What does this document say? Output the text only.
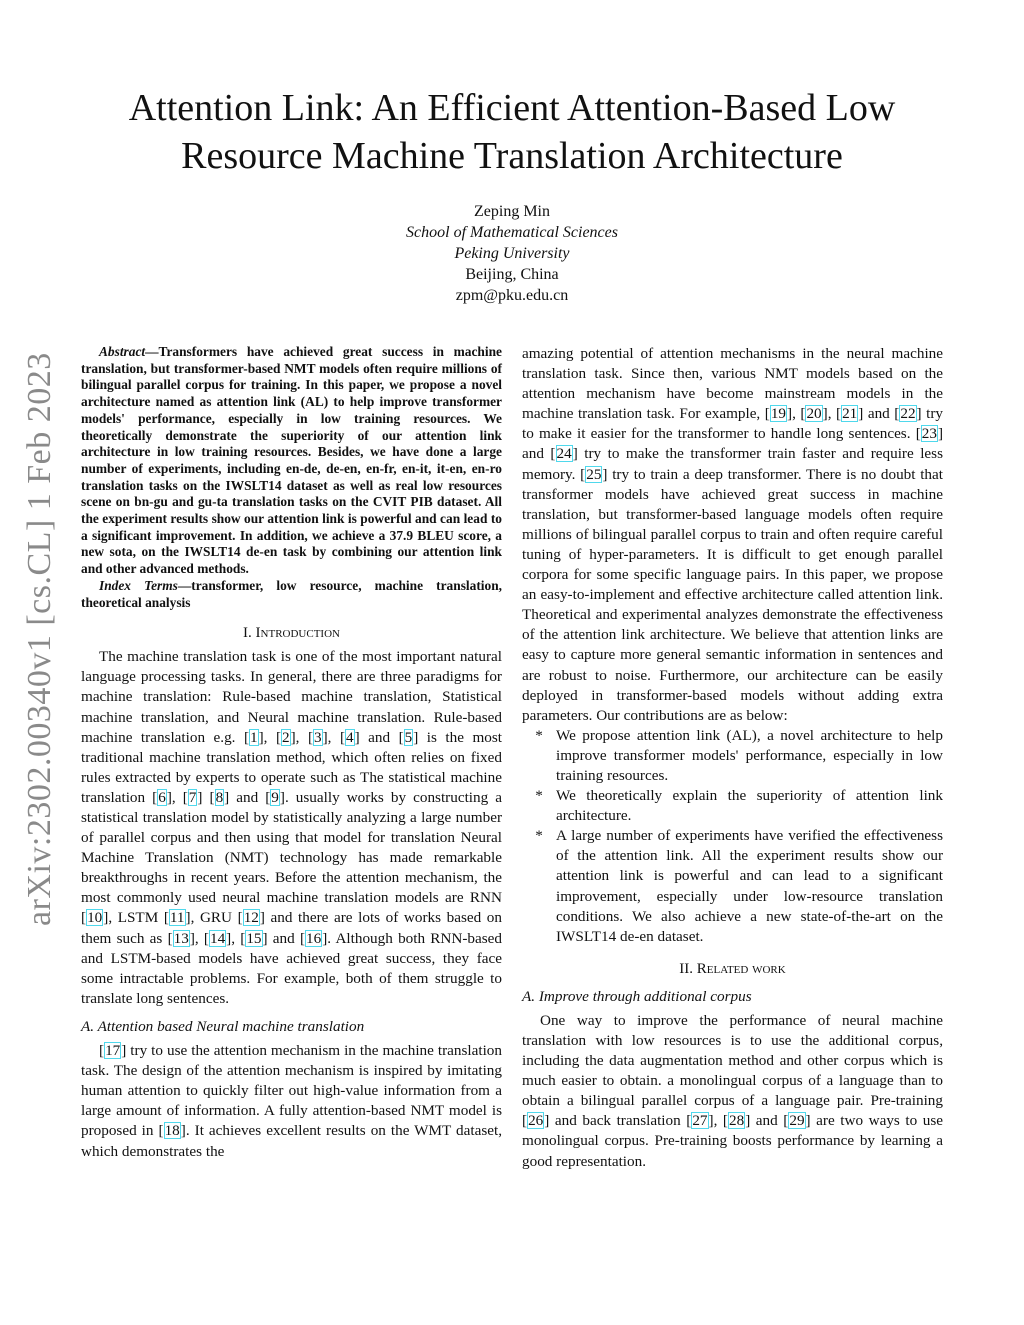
Attention Link: An Efficient Attention-Based Low
Resource Machine Translation Architecture
Zeping Min
School of Mathematical Sciences
Peking University
Beijing, China
zpm@pku.edu.cn
arXiv:2302.00340v1 [cs.CL] 1 Feb 2023

Abstract—Transformers have achieved great success in machine translation, but transformer-based NMT models often require millions of bilingual parallel corpus for training. In this paper, we propose a novel architecture named as attention link (AL) to help improve transformer models' performance, especially in low training resources. We theoretically demonstrate the superiority of our attention link architecture in low training resources. Besides, we have done a large number of experiments, including en-de, de-en, en-fr, en-it, it-en, en-ro translation tasks on the IWSLT14 dataset as well as real low resources scene on bn-gu and gu-ta translation tasks on the CVIT PIB dataset. All the experiment results show our attention link is powerful and can lead to a significant improvement. In addition, we achieve a 37.9 BLEU score, a new sota, on the IWSLT14 de-en task by combining our attention link and other advanced methods.

Index Terms—transformer, low resource, machine translation, theoretical analysis

I. Introduction

The machine translation task is one of the most important natural language processing tasks. In general, there are three paradigms for machine translation: Rule-based machine translation, Statistical machine translation, and Neural machine translation. Rule-based machine translation e.g. [1], [2], [3], [4] and [5] is the most traditional machine translation method, which often relies on fixed rules extracted by experts to operate such as The statistical machine translation [6], [7] [8] and [9]. usually works by constructing a statistical translation model by statistically analyzing a large number of parallel corpus and then using that model for translation Neural Machine Translation (NMT) technology has made remarkable breakthroughs in recent years. Before the attention mechanism, the most commonly used neural machine translation models are RNN [10], LSTM [11], GRU [12] and there are lots of works based on them such as [13], [14], [15] and [16]. Although both RNN-based and LSTM-based models have achieved great success, they face some intractable problems. For example, both of them struggle to translate long sentences.

A. Attention based Neural machine translation

[17] try to use the attention mechanism in the machine translation task. The design of the attention mechanism is inspired by imitating human attention to quickly filter out high-value information from a large amount of information. A fully attention-based NMT model is proposed in [18]. It achieves excellent results on the WMT dataset, which demonstrates the

amazing potential of attention mechanisms in the neural machine translation task. Since then, various NMT models based on the attention mechanism have become mainstream models in the machine translation task. For example, [19], [20], [21] and [22] try to make it easier for the transformer to handle long sentences. [23] and [24] try to make the transformer train faster and require less memory. [25] try to train a deep transformer. There is no doubt that transformer models have achieved great success in machine translation, but transformer-based language models often require millions of bilingual parallel corpus to train and often require careful tuning of hyper-parameters. It is difficult to get enough parallel corpora for some specific language pairs. In this paper, we propose an easy-to-implement and effective architecture called attention link. Theoretical and experimental analyzes demonstrate the effectiveness of the attention link architecture. We believe that attention links are easy to capture more general semantic information in sentences and are robust to noise. Furthermore, our architecture can be easily deployed in transformer-based models without adding extra parameters. Our contributions are as below:

* We propose attention link (AL), a novel architecture to help improve transformer models' performance, especially in low training resources.
* We theoretically explain the superiority of attention link architecture.
* A large number of experiments have verified the effectiveness of the attention link. All the experiment results show our attention link is powerful and can lead to a significant improvement, especially under low-resource translation conditions. We also achieve a new state-of-the-art on the IWSLT14 de-en dataset.
II. Related work
A. Improve through additional corpus

One way to improve the performance of neural machine translation with low resources is to use the additional corpus, including the data augmentation method and other corpus which is much easier to obtain. a monolingual corpus of a language than to obtain a bilingual parallel corpus of a language pair. Pre-training [26] and back translation [27], [28] and [29] are two ways to use monolingual corpus. Pre-training boosts performance by learning a good representation.
